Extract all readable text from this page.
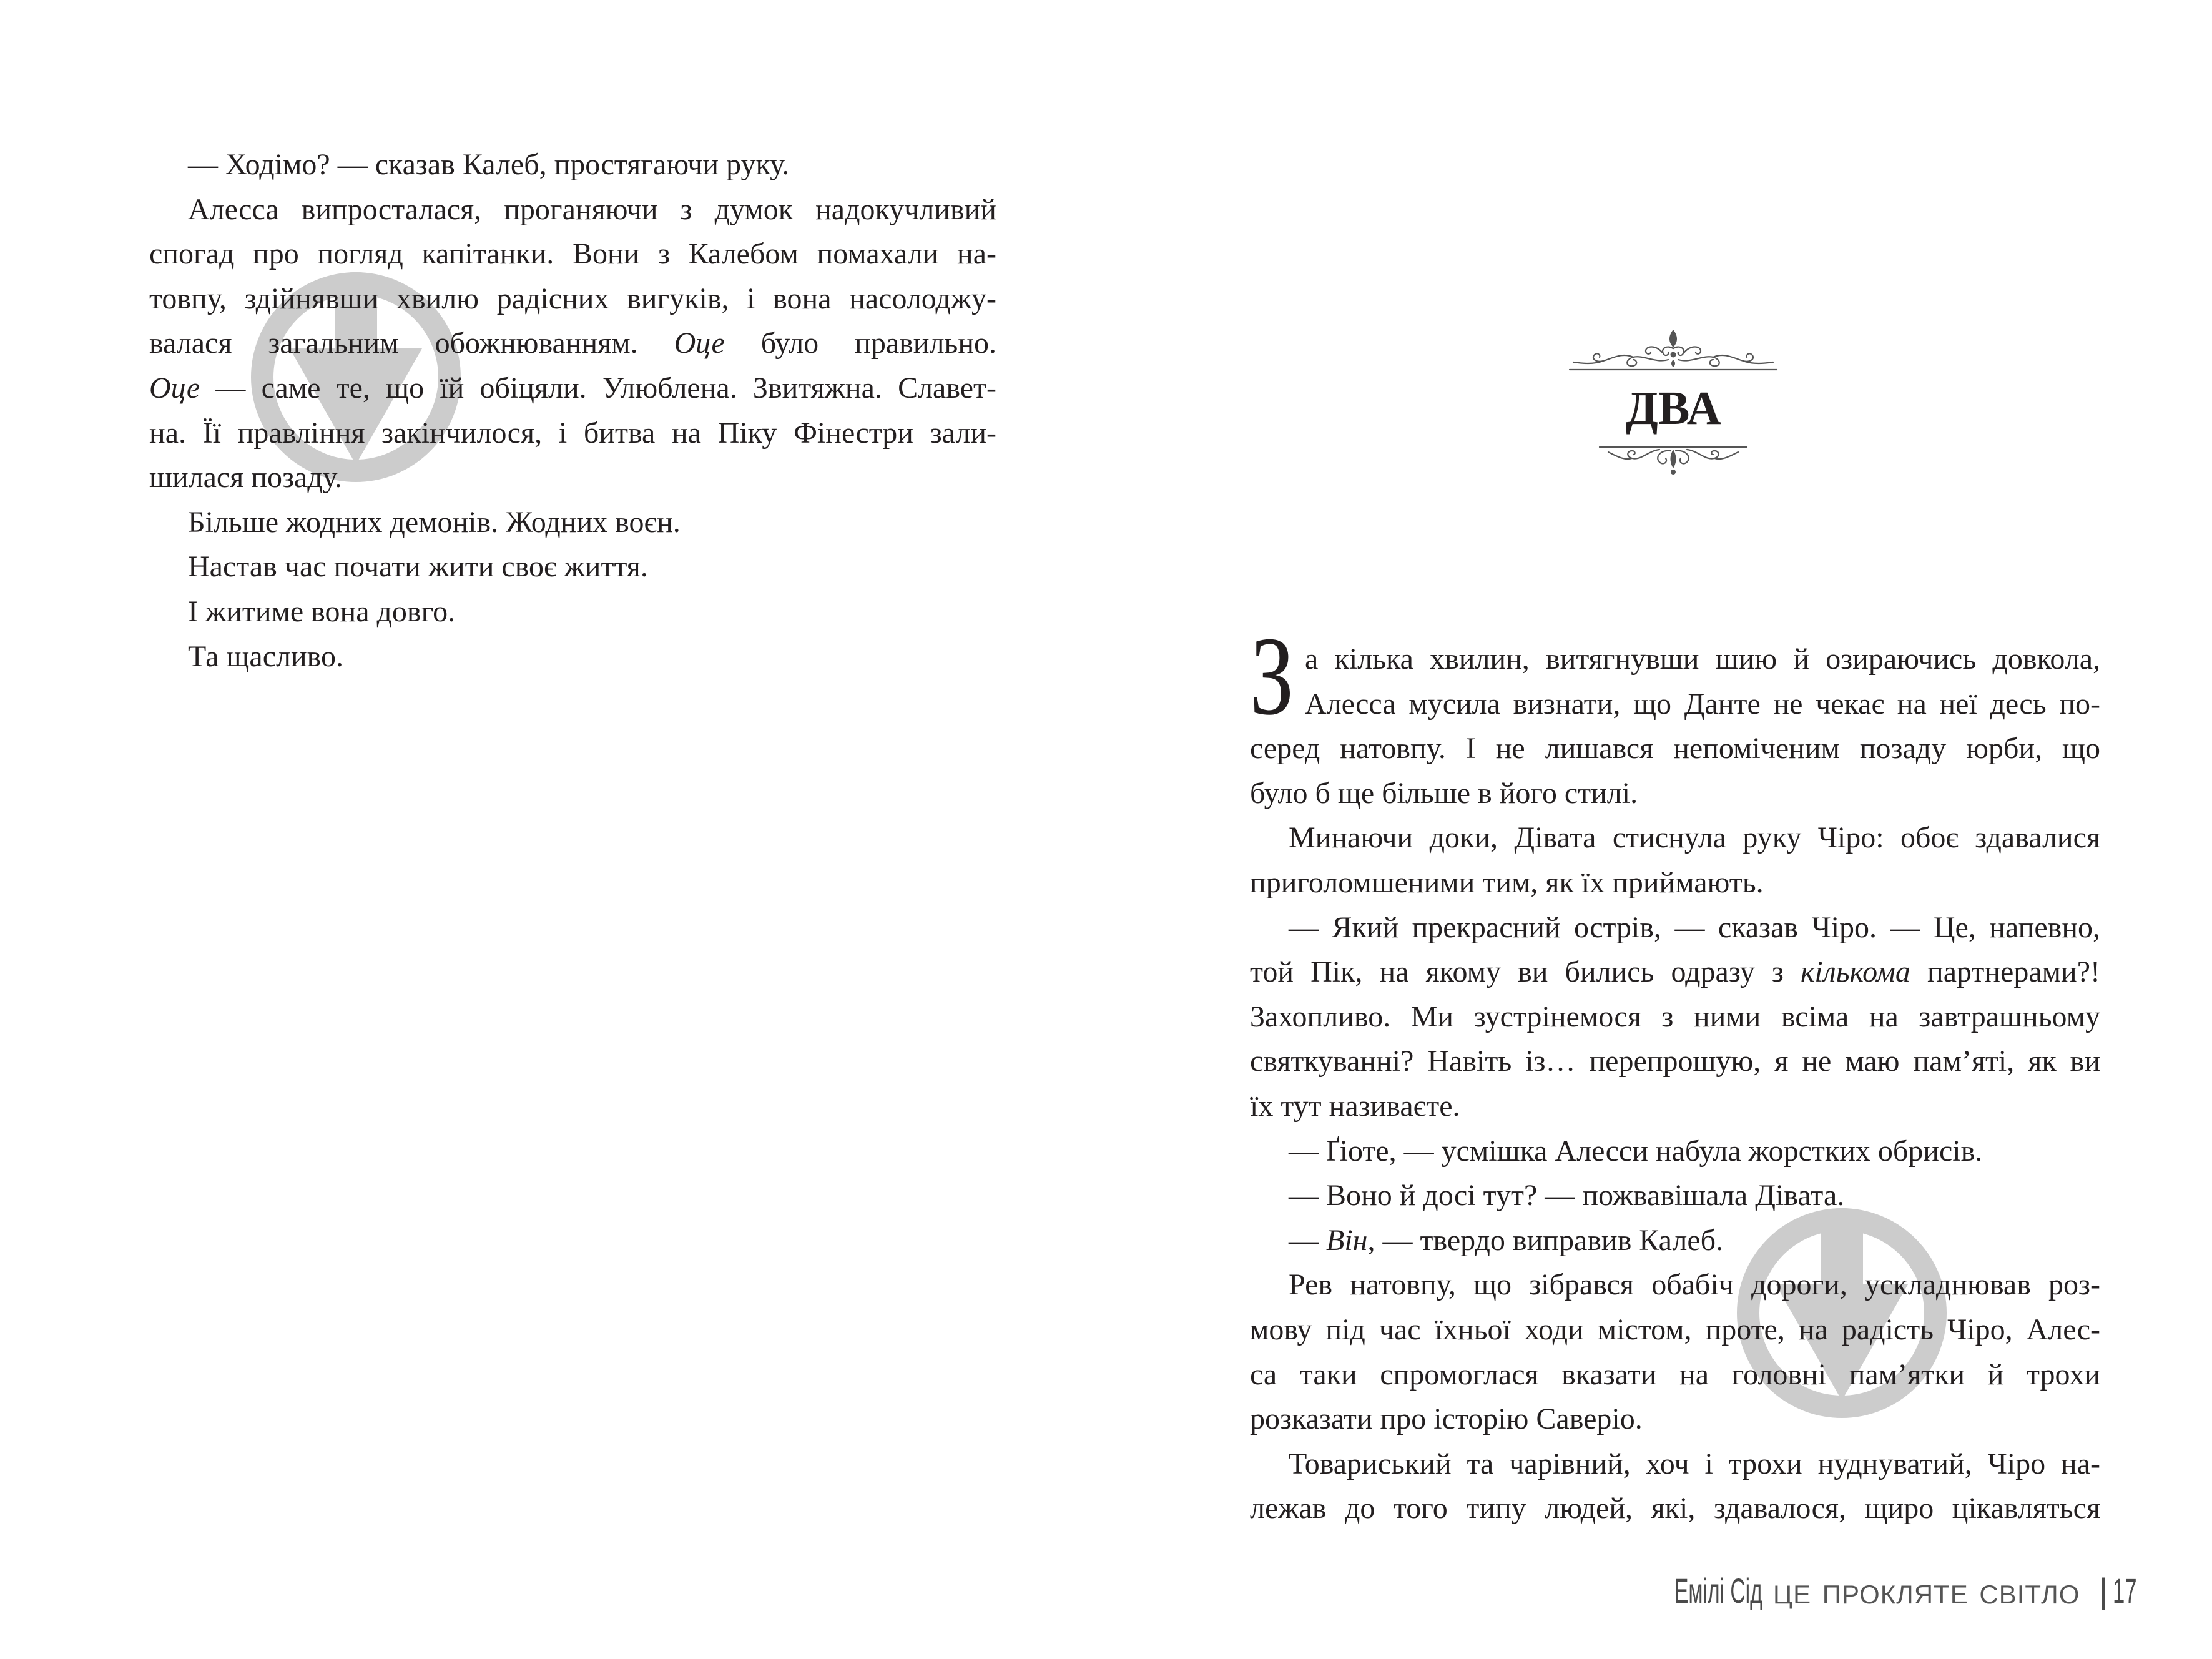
— Ходімо? — сказав Калеб, простягаючи руку.
Алесса випросталася, проганяючи з думок надокучливий
спогад про погляд капітанки. Вони з Калебом помахали на-
товпу, здійнявши хвилю радісних вигуків, і вона насолоджу-
валася загальним обожнюванням. Оце було правильно.
Оце — саме те, що їй обіцяли. Улюблена. Звитяжна. Славет-
на. Її правління закінчилося, і битва на Піку Фінестри зали-
шилася позаду.
Більше жодних демонів. Жодних воєн.
Настав час почати жити своє життя.
І житиме вона довго.
Та щасливо.
ДВА
З а кілька хвилин, витягнувши шию й озираючись довкола,
Алесса мусила визнати, що Данте не чекає на неї десь по-
серед натовпу. І не лишався непоміченим позаду юрби, що
було б ще більше в його стилі.
Минаючи доки, Дівата стиснула руку Чіро: обоє здавалися
приголомшеними тим, як їх приймають.
— Який прекрасний острів, — сказав Чіро. — Це, напевно,
той Пік, на якому ви бились одразу з кількома партнерами?!
Захопливо. Ми зустрінемося з ними всіма на завтрашньому
святкуванні? Навіть із… перепрошую, я не маю пам’яті, як ви
їх тут називаєте.
— Ґіоте, — усмішка Алесси набула жорстких обрисів.
— Воно й досі тут? — пожвавішала Дівата.
— Він, — твердо виправив Калеб.
Рев натовпу, що зібрався обабіч дороги, ускладнював роз-
мову під час їхньої ходи містом, проте, на радість Чіро, Алес-
са таки спромоглася вказати на головні пам’ятки й трохи
розказати про історію Саверіо.
Товариський та чарівний, хоч і трохи нуднуватий, Чіро на-
лежав до того типу людей, які, здавалося, щиро цікавляться
Емілі Сід це прокляте світло | 17
